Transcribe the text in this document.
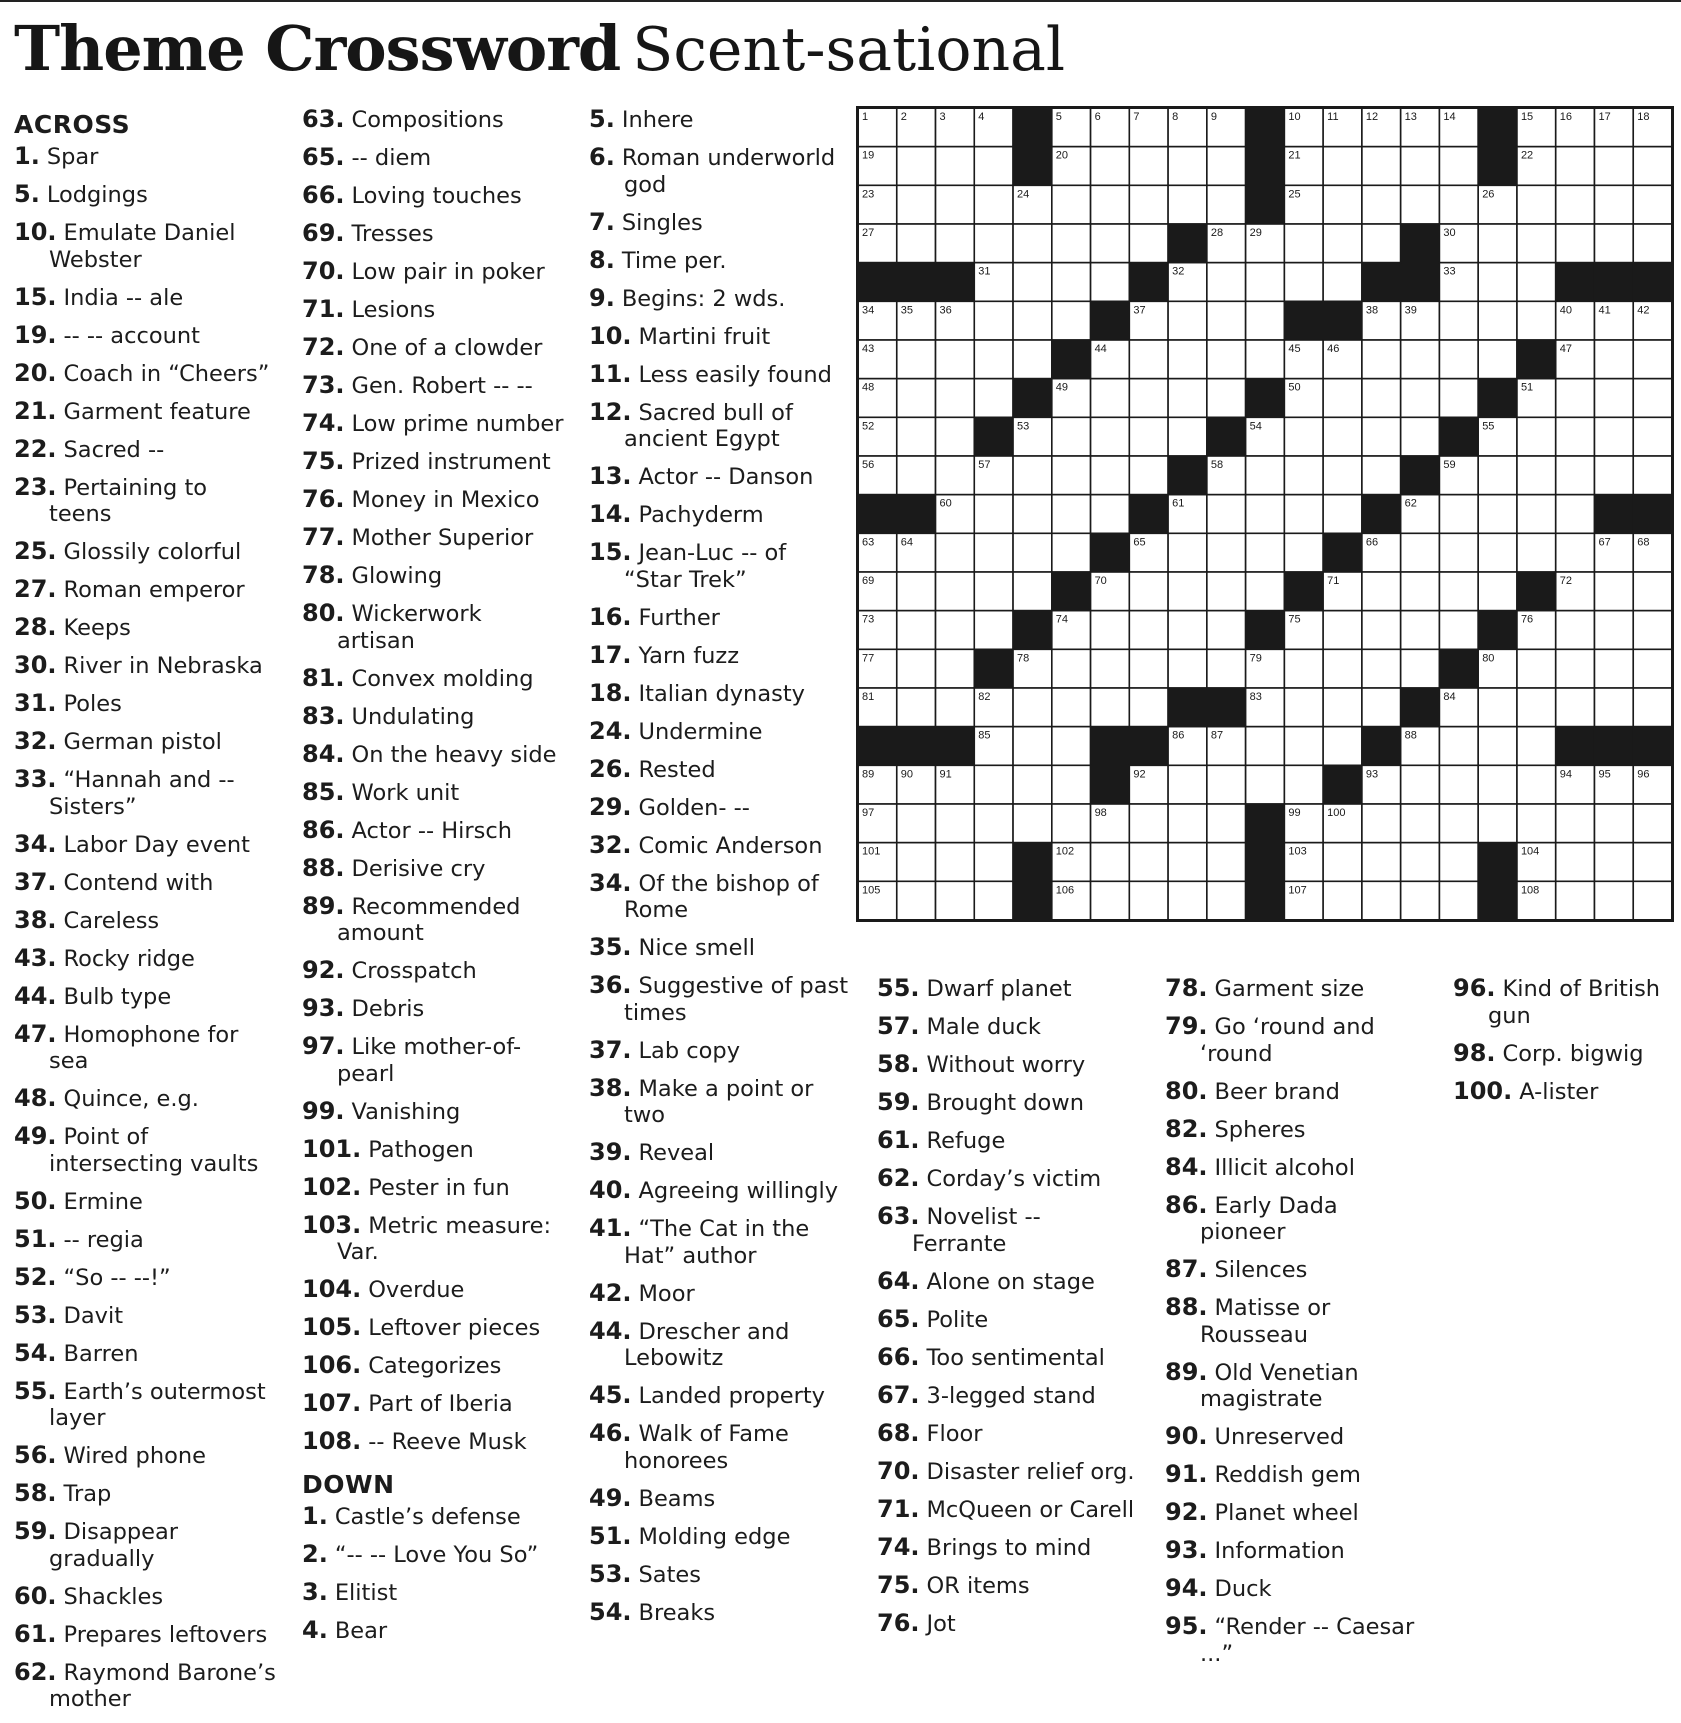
Theme Crossword Scent-sational
ACROSS
1. Spar
5. Lodgings
10. Emulate Daniel Webster
15. India -- ale
19. -- -- account
20. Coach in “Cheers”
21. Garment feature
22. Sacred --
23. Pertaining to teens
25. Glossily colorful
27. Roman emperor
28. Keeps
30. River in Nebraska
31. Poles
32. German pistol
33. “Hannah and -- Sisters”
34. Labor Day event
37. Contend with
38. Careless
43. Rocky ridge
44. Bulb type
47. Homophone for sea
48. Quince, e.g.
49. Point of intersecting vaults
50. Ermine
51. -- regia
52. “So -- --!”
53. Davit
54. Barren
55. Earth’s outermost layer
56. Wired phone
58. Trap
59. Disappear gradually
60. Shackles
61. Prepares leftovers
62. Raymond Barone’s mother
63. Compositions
65. -- diem
66. Loving touches
69. Tresses
70. Low pair in poker
71. Lesions
72. One of a clowder
73. Gen. Robert -- --
74. Low prime number
75. Prized instrument
76. Money in Mexico
77. Mother Superior
78. Glowing
80. Wickerwork artisan
81. Convex molding
83. Undulating
84. On the heavy side
85. Work unit
86. Actor -- Hirsch
88. Derisive cry
89. Recommended amount
92. Crosspatch
93. Debris
97. Like mother-of-pearl
99. Vanishing
101. Pathogen
102. Pester in fun
103. Metric measure: Var.
104. Overdue
105. Leftover pieces
106. Categorizes
107. Part of Iberia
108. -- Reeve Musk
DOWN
1. Castle’s defense
2. “-- -- Love You So”
3. Elitist
4. Bear
5. Inhere
6. Roman underworld god
7. Singles
8. Time per.
9. Begins: 2 wds.
10. Martini fruit
11. Less easily found
12. Sacred bull of ancient Egypt
13. Actor -- Danson
14. Pachyderm
15. Jean-Luc -- of “Star Trek”
16. Further
17. Yarn fuzz
18. Italian dynasty
24. Undermine
26. Rested
29. Golden- --
32. Comic Anderson
34. Of the bishop of Rome
35. Nice smell
36. Suggestive of past times
37. Lab copy
38. Make a point or two
39. Reveal
40. Agreeing willingly
41. “The Cat in the Hat” author
42. Moor
44. Drescher and Lebowitz
45. Landed property
46. Walk of Fame honorees
49. Beams
51. Molding edge
53. Sates
54. Breaks
55. Dwarf planet
57. Male duck
58. Without worry
59. Brought down
61. Refuge
62. Corday’s victim
63. Novelist -- Ferrante
64. Alone on stage
65. Polite
66. Too sentimental
67. 3-legged stand
68. Floor
70. Disaster relief org.
71. McQueen or Carell
74. Brings to mind
75. OR items
76. Jot
78. Garment size
79. Go ‘round and ‘round
80. Beer brand
82. Spheres
84. Illicit alcohol
86. Early Dada pioneer
87. Silences
88. Matisse or Rousseau
89. Old Venetian magistrate
90. Unreserved
91. Reddish gem
92. Planet wheel
93. Information
94. Duck
95. “Render -- Caesar ...”
96. Kind of British gun
98. Corp. bigwig
100. A-lister
1	2	3	4	5	6	7	8	9	10 11 12 13 14	15 16 17 18
19	20	21	22
23	24	25	26
27	28 29	30
31	32	33
34 35 36	37	38 39	40 41 42
43	44	45 46	47
48	49	50	51
52	53	54	55
56	57	58	59
60	61	62
63 64	65	66	67 68
69	70	71	72
73	74	75	76
77	78	79	80
81	82	83	84
85	86 87	88
89 90 91	92	93	94 95 96
97	98	99 100
101	102	103	104
105	106	107	108
